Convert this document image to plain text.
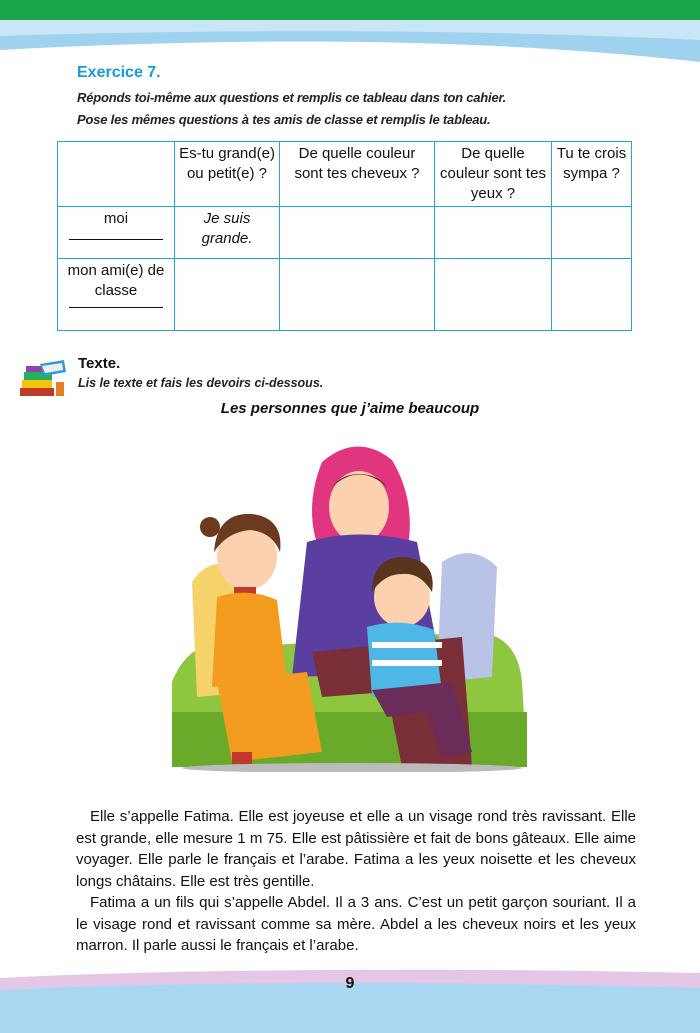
Exercice 7.
Réponds toi-même aux questions et remplis ce tableau dans ton cahier.
Pose les mêmes questions à tes amis de classe et remplis le tableau.
	Es-tu grand(e) ou petit(e) ?	De quelle couleur sont tes cheveux ?	De quelle couleur sont tes yeux ?	Tu te crois sympa ?
moi	Je suis grande.			
mon ami(e) de classe

Texte.
Lis le texte et fais les devoirs ci-dessous.
Les personnes que j’aime beaucoup

Elle s’appelle Fatima. Elle est joyeuse et elle a un visage rond très ravissant. Elle est grande, elle mesure 1 m 75. Elle est pâtissière et fait de bons gâteaux. Elle aime voyager. Elle parle le français et l’arabe. Fatima a les yeux noisette et les cheveux longs châtains. Elle est très gentille.

Fatima a un fils qui s’appelle Abdel. Il a 3 ans. C’est un petit garçon souriant. Il a le visage rond et ravissant comme sa mère. Abdel a les cheveux noirs et les yeux marron. Il parle aussi le français et l’arabe.

9
